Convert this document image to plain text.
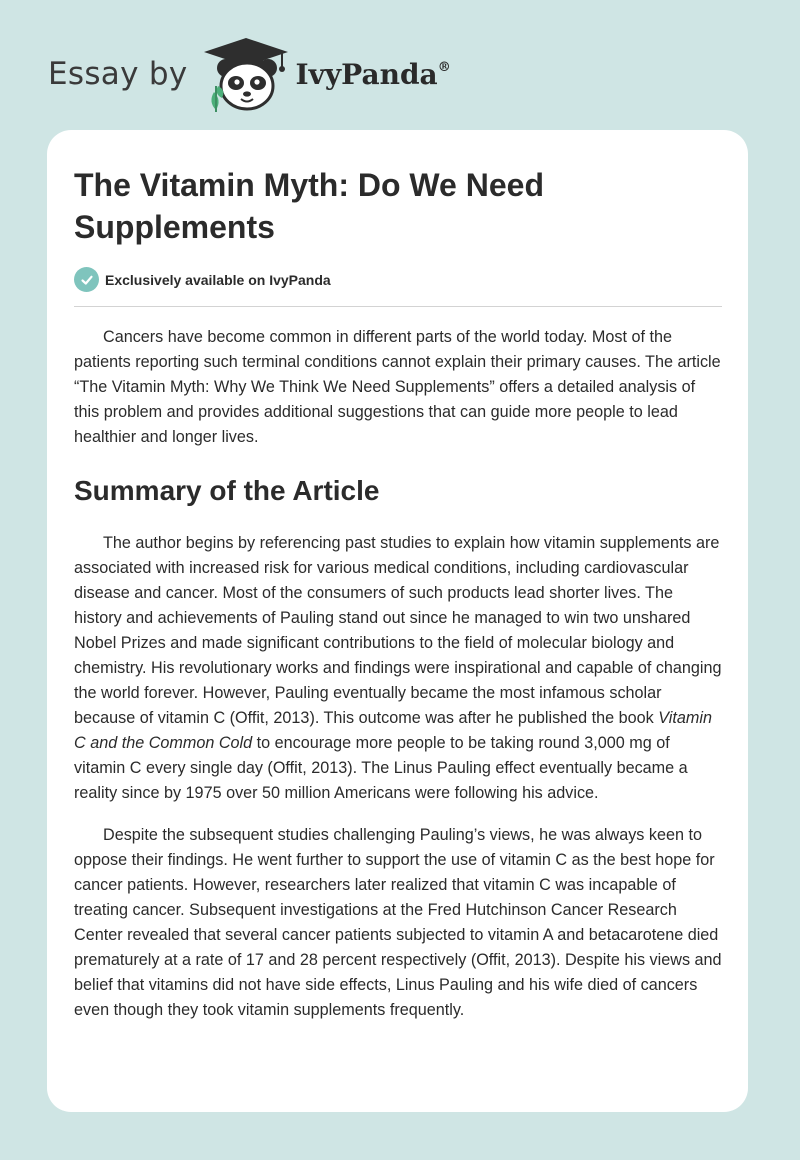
Essay by	IvyPanda®
The Vitamin Myth: Do We Need Supplements
Exclusively available on IvyPanda

Cancers have become common in different parts of the world today. Most of the patients reporting such terminal conditions cannot explain their primary causes. The article “The Vitamin Myth: Why We Think We Need Supplements” offers a detailed analysis of this problem and provides additional suggestions that can guide more people to lead healthier and longer lives.

Summary of the Article

The author begins by referencing past studies to explain how vitamin supplements are associated with increased risk for various medical conditions, including cardiovascular disease and cancer. Most of the consumers of such products lead shorter lives. The history and achievements of Pauling stand out since he managed to win two unshared Nobel Prizes and made significant contributions to the field of molecular biology and chemistry. His revolutionary works and findings were inspirational and capable of changing the world forever. However, Pauling eventually became the most infamous scholar because of vitamin C (Offit, 2013). This outcome was after he published the book Vitamin C and the Common Cold to encourage more people to be taking round 3,000 mg of vitamin C every single day (Offit, 2013). The Linus Pauling effect eventually became a reality since by 1975 over 50 million Americans were following his advice.

Despite the subsequent studies challenging Pauling’s views, he was always keen to oppose their findings. He went further to support the use of vitamin C as the best hope for cancer patients. However, researchers later realized that vitamin C was incapable of treating cancer. Subsequent investigations at the Fred Hutchinson Cancer Research Center revealed that several cancer patients subjected to vitamin A and betacarotene died prematurely at a rate of 17 and 28 percent respectively (Offit, 2013). Despite his views and belief that vitamins did not have side effects, Linus Pauling and his wife died of cancers even though they took vitamin supplements frequently.
